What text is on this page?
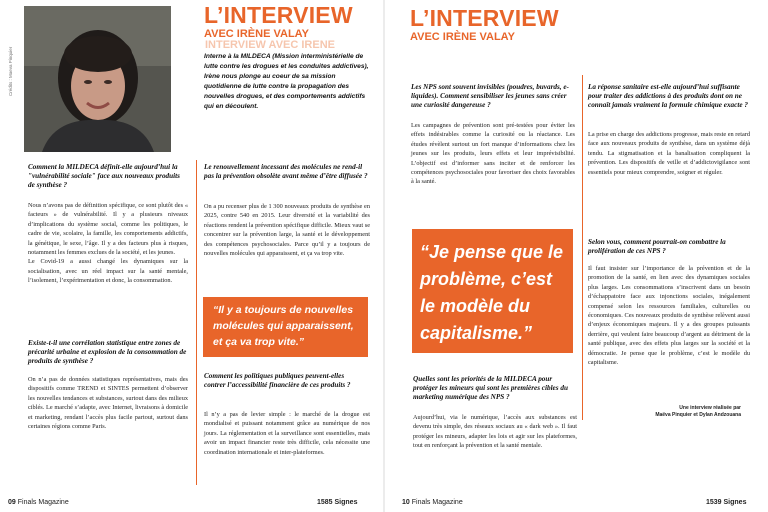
Crédits : Maeva Pinquier
L’INTERVIEW
AVEC IRÈNE VALAY
INTERVIEW AVEC IRÈNE
Interne à la MILDECA (Mission interministérielle de lutte contre les drogues et les conduites addictives), Irène nous plonge au coeur de sa mission quotidienne de lutte contre la propagation des nouvelles drogues, et des comportements addictifs qui en découlent.
Comment la MILDECA définit-elle aujourd’hui la "vulnérabilité sociale" face aux nouveaux produits de synthèse ?

Nous n’avons pas de définition spécifique, ce sont plutôt des « facteurs » de vulnérabilité. Il y a plusieurs niveaux d’implications du système social, comme les politiques, le cadre de vie, scolaire, la famille, les comportements addictifs, la génétique, le sexe, l’âge. Il y a des facteurs plus à risques, notamment les femmes exclues de la société, et les jeunes.

Le Covid-19 a aussi changé les dynamiques sur la socialisation, avec un réel impact sur la santé mentale, l’isolement, l’expérimentation et donc, la consommation.

Existe-t-il une corrélation statistique entre zones de précarité urbaine et explosion de la consommation de produits de synthèse ?
On n’a pas de données statistiques représentatives, mais des dispositifs comme TREND et SINTES permettent d’observer les nouvelles tendances et substances, surtout dans des milieux ciblés. Le marché s’adapte, avec Internet, livraisons à domicile et marketing, rendant l’accès plus facile partout, surtout dans certaines régions comme Paris.
Le renouvellement incessant des molécules ne rend-il pas la prévention obsolète avant même d’être diffusée ?
On a pu recenser plus de 1 300 nouveaux produits de synthèse en 2025, contre 540 en 2015. Leur diversité et la variabilité des réactions rendent la prévention spécifique difficile. Mieux vaut se concentrer sur la prévention large, la santé et le développement des compétences psychosociales. Parce qu’il y a toujours de nouvelles molécules qui apparaissent, et ça va trop vite.
“Il y a toujours de nouvelles molécules qui apparaissent, et ça va trop vite.”
Comment les politiques publiques peuvent-elles contrer l’accessibilité financière de ces produits ?
Il n’y a pas de levier simple : le marché de la drogue est mondialisé et puissant notamment grâce au numérique de nos jours. La réglementation et la surveillance sont essentielles, mais avoir un impact financier reste très difficile, cela nécessite une coordination internationale et inter-plateformes.
09 Finals Magazine	1585 Signes
L’INTERVIEW
AVEC IRÈNE VALAY
Les NPS sont souvent invisibles (poudres, buvards, e-liquides). Comment sensibiliser les jeunes sans créer une curiosité dangereuse ?
Les campagnes de prévention sont pré-testées pour éviter les effets indésirables comme la curiosité ou la réactance. Les études révèlent surtout un fort manque d’informations chez les jeunes sur les produits, leurs effets et leur imprévisibilité. L’objectif est d’informer sans inciter et de renforcer les compétences psychosociales pour favoriser des choix favorables à la santé.
“Je pense que le problème, c’est le modèle du capitalisme.”
Quelles sont les priorités de la MILDECA pour protéger les mineurs qui sont les premières cibles du marketing numérique des NPS ?
Aujourd’hui, via le numérique, l’accès aux substances est devenu très simple, des réseaux sociaux au « dark web ». Il faut protéger les mineurs, adapter les lois et agir sur les plateformes, tout en renforçant la prévention et la santé mentale.
La réponse sanitaire est-elle aujourd’hui suffisante pour traiter des addictions à des produits dont on ne connaît jamais vraiment la formule chimique exacte ?
La prise en charge des addictions progresse, mais reste en retard face aux nouveaux produits de synthèse, dans un système déjà tendu. La stigmatisation et la banalisation compliquent la prévention. Les dispositifs de veille et d’addictovigilance sont essentiels pour mieux comprendre, soigner et réguler.
Selon vous, comment pourrait-on combattre la prolifération de ces NPS ?
Il faut insister sur l’importance de la prévention et de la promotion de la santé, en lien avec des dynamiques sociales plus larges. Les consommations s’inscrivent dans un besoin d’échappatoire face aux injonctions sociales, inégalement compensé selon les ressources familiales, culturelles ou économiques. Ces nouveaux produits de synthèse relèvent aussi d’enjeux économiques majeurs. Il y a des groupes puissants derrière, qui veulent faire beaucoup d’argent au détriment de la santé publique, avec des effets plus larges sur la société et la démocratie. Je pense que le problème, c’est le modèle du capitalisme.
Une interview réalisée par
Maëva Pinquier et Dylan Andzouana
10 Finals Magazine	1539 Signes
